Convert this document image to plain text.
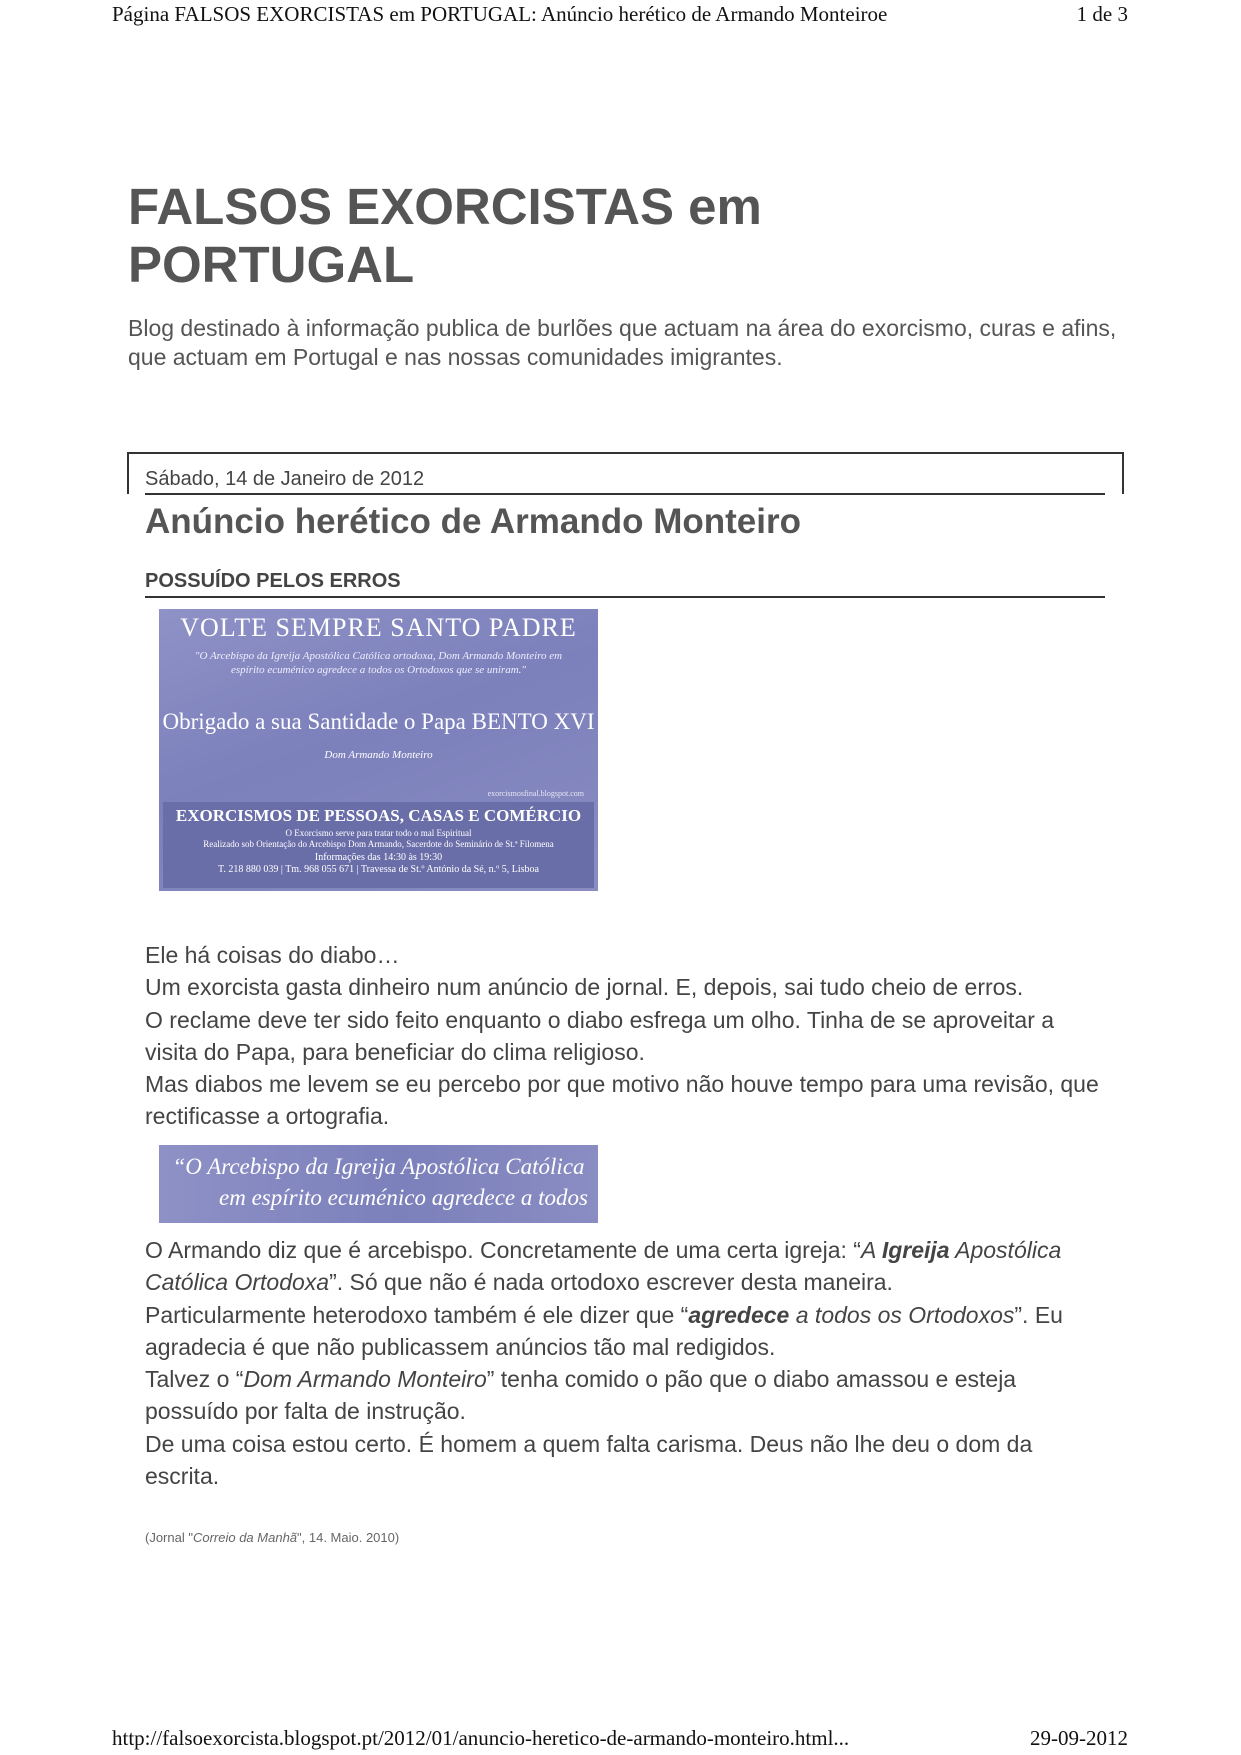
Página FALSOS EXORCISTAS em PORTUGAL: Anúncio herético de Armando Monteiroe	1 de 3
FALSOS EXORCISTAS em
PORTUGAL
Blog destinado à informação publica de burlões que actuam na área do exorcismo, curas e afins, que actuam em Portugal e nas nossas comunidades imigrantes.
Sábado, 14 de Janeiro de 2012
Anúncio herético de Armando Monteiro
POSSUÍDO PELOS ERROS
VOLTE SEMPRE SANTO PADRE
"O Arcebispo da Igreija Apostólica Católica ortodoxa, Dom Armando Monteiro em espírito ecuménico agredece a todos os Ortodoxos que se uniram."
Obrigado a sua Santidade o Papa BENTO XVI
Dom Armando Monteiro
exorcismosfinal.blogspot.com
EXORCISMOS DE PESSOAS, CASAS E COMÉRCIO
O Exorcismo serve para tratar todo o mal Espiritual
Realizado sob Orientação do Arcebispo Dom Armando, Sacerdote do Seminário de St.ª Filomena
Informações das 14:30 às 19:30
T. 218 880 039 | Tm. 968 055 671 | Travessa de St.º António da Sé, n.º 5, Lisboa
Ele há coisas do diabo…
Um exorcista gasta dinheiro num anúncio de jornal. E, depois, sai tudo cheio de erros.
O reclame deve ter sido feito enquanto o diabo esfrega um olho. Tinha de se aproveitar a visita do Papa, para beneficiar do clima religioso.
Mas diabos me levem se eu percebo por que motivo não houve tempo para uma revisão, que rectificasse a ortografia.
“O Arcebispo da Igreija Apostólica Católica
em espírito ecuménico agredece a todos
O Armando diz que é arcebispo. Concretamente de uma certa igreja: “A Igreija Apostólica Católica Ortodoxa”. Só que não é nada ortodoxo escrever desta maneira.
Particularmente heterodoxo também é ele dizer que “agredece a todos os Ortodoxos”. Eu agradecia é que não publicassem anúncios tão mal redigidos.
Talvez o “Dom Armando Monteiro” tenha comido o pão que o diabo amassou e esteja possuído por falta de instrução.
De uma coisa estou certo. É homem a quem falta carisma. Deus não lhe deu o dom da escrita.
(Jornal "Correio da Manhã", 14. Maio. 2010)
http://falsoexorcista.blogspot.pt/2012/01/anuncio-heretico-de-armando-monteiro.html...	29-09-2012
